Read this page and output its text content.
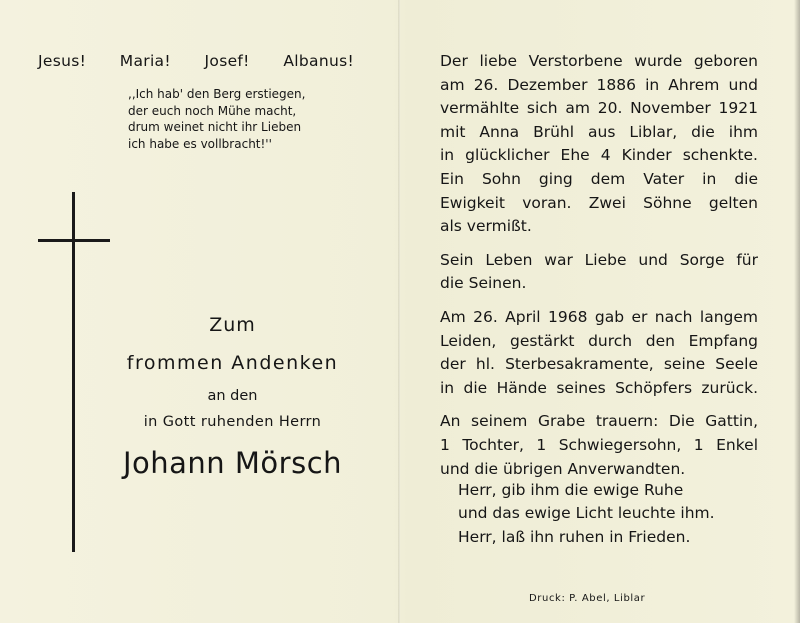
Jesus! Maria! Josef! Albanus!
,,Ich hab' den Berg erstiegen,
der euch noch Mühe macht,
drum weinet nicht ihr Lieben
ich habe es vollbracht!''
Zum
frommen Andenken
an den
in Gott ruhenden Herrn
Johann Mörsch

Der liebe Verstorbene wurde geboren
am 26. Dezember 1886 in Ahrem und
vermählte sich am 20. November 1921
mit Anna Brühl aus Liblar, die ihm
in glücklicher Ehe 4 Kinder schenkte.
Ein Sohn ging dem Vater in die
Ewigkeit voran. Zwei Söhne gelten
als vermißt.

Sein Leben war Liebe und Sorge für
die Seinen.

Am 26. April 1968 gab er nach langem
Leiden, gestärkt durch den Empfang
der hl. Sterbesakramente, seine Seele
in die Hände seines Schöpfers zurück.

An seinem Grabe trauern: Die Gattin,
1 Tochter, 1 Schwiegersohn, 1 Enkel
und die übrigen Anverwandten.

Herr, gib ihm die ewige Ruhe
und das ewige Licht leuchte ihm.
Herr, laß ihn ruhen in Frieden.
Druck: P. Abel, Liblar
